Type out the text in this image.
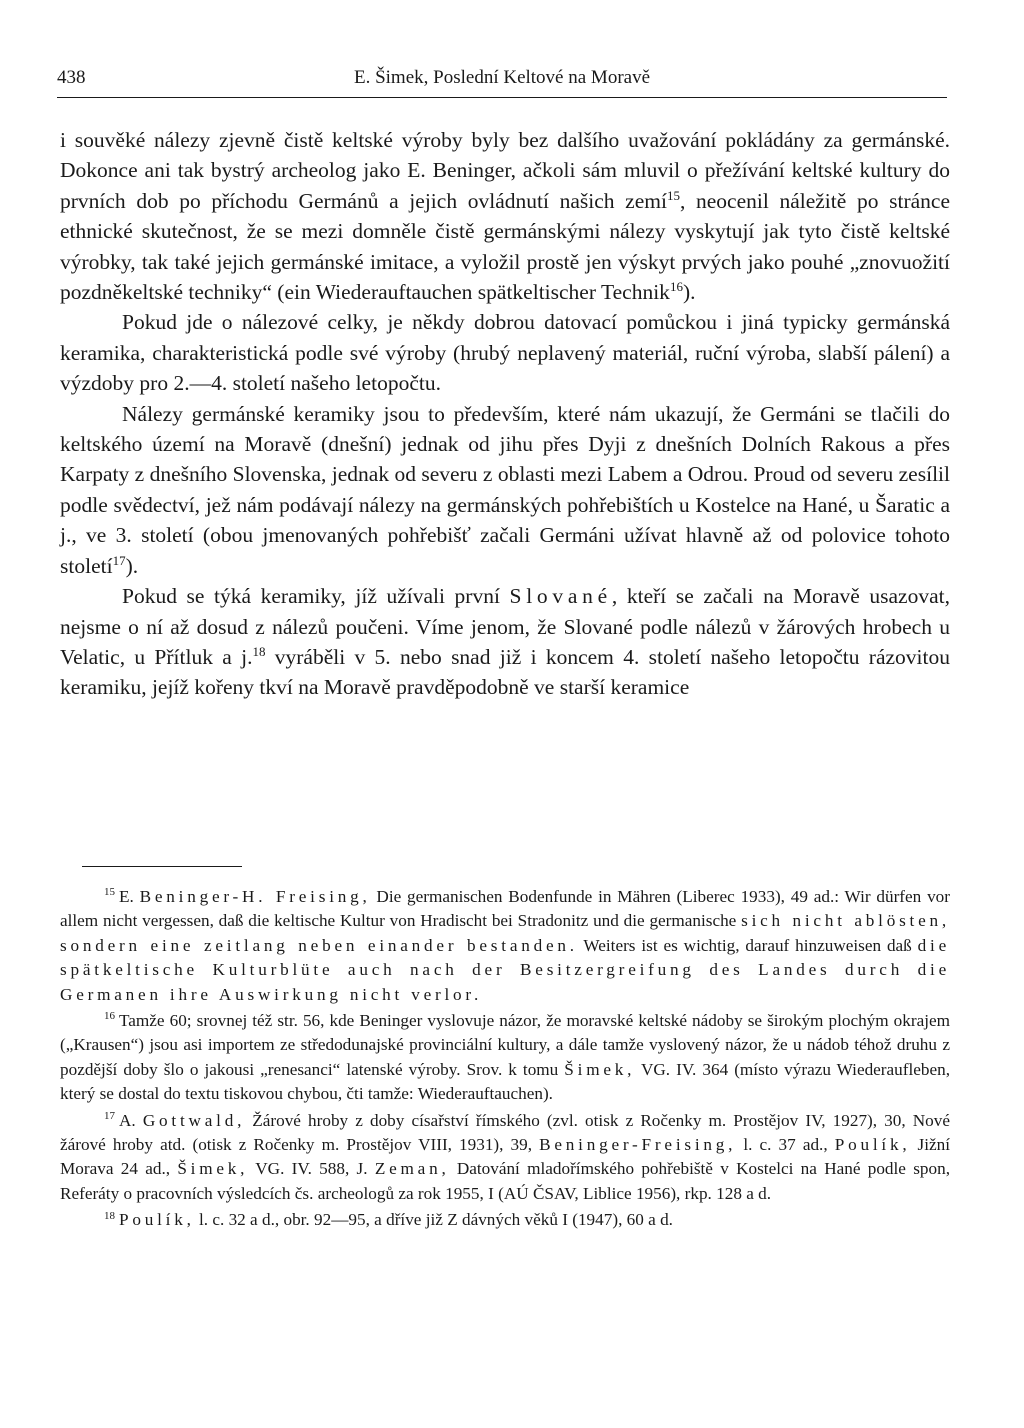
438	E. Šimek, Poslední Keltové na Moravě

i souvěké nálezy zjevně čistě keltské výroby byly bez dalšího uvažování pokládány za germánské. Dokonce ani tak bystrý archeolog jako E. Beninger, ačkoli sám mluvil o přežívání keltské kultury do prvních dob po příchodu Germánů a jejich ovládnutí našich zemí$^{15}$, neocenil náležitě po stránce ethnické skutečnost, že se mezi domněle čistě germánskými nálezy vyskytují jak tyto čistě keltské výrobky, tak také jejich germánské imitace, a vyložil prostě jen výskyt prvých jako pouhé „znovuožití pozdněkeltské techniky“ (ein Wiederauftauchen spätkeltischer Technik$^{16}$).

Pokud jde o nálezové celky, je někdy dobrou datovací pomůckou i jiná typicky germánská keramika, charakteristická podle své výroby (hrubý neplavený materiál, ruční výroba, slabší pálení) a výzdoby pro 2.—4. století našeho letopočtu.

Nálezy germánské keramiky jsou to především, které nám ukazují, že Germáni se tlačili do keltského území na Moravě (dnešní) jednak od jihu přes Dyji z dnešních Dolních Rakous a přes Karpaty z dnešního Slovenska, jednak od severu z oblasti mezi Labem a Odrou. Proud od severu zesílil podle svědectví, jež nám podávají nálezy na germánských pohřebištích u Kostelce na Hané, u Šaratic a j., ve 3. století (obou jmenovaných pohřebišť začali Germáni užívat hlavně až od polovice tohoto století$^{17}$).

Pokud se týká keramiky, jíž užívali první Slované, kteří se začali na Moravě usazovat, nejsme o ní až dosud z nálezů poučeni. Víme jenom, že Slované podle nálezů v žárových hrobech u Velatic, u Přítluk a j.$^{18}$ vyráběli v 5. nebo snad již i koncem 4. století našeho letopočtu rázovitou keramiku, jejíž kořeny tkví na Moravě pravděpodobně ve starší keramice

$^{15}$ E. Beninger-H. Freising, Die germanischen Bodenfunde in Mähren (Liberec 1933), 49 ad.: Wir dürfen vor allem nicht vergessen, daß die keltische Kultur von Hradischt bei Stradonitz und die germanische sich nicht ablösten, sondern eine zeitlang neben einander bestanden. Weiters ist es wichtig, darauf hinzuweisen daß die spätkeltische Kulturblüte auch nach der Besitzergreifung des Landes durch die Germanen ihre Auswirkung nicht verlor.

$^{16}$ Tamže 60; srovnej též str. 56, kde Beninger vyslovuje názor, že moravské keltské nádoby se širokým plochým okrajem („Krausen“) jsou asi importem ze středodunajské provinciální kultury, a dále tamže vyslovený názor, že u nádob téhož druhu z pozdější doby šlo o jakousi „renesanci“ latenské výroby. Srov. k tomu Šimek, VG. IV. 364 (místo výrazu Wiederaufleben, který se dostal do textu tiskovou chybou, čti tamže: Wiederauftauchen).

$^{17}$ A. Gottwald, Žárové hroby z doby císařství římského (zvl. otisk z Ročenky m. Prostějov IV, 1927), 30, Nové žárové hroby atd. (otisk z Ročenky m. Prostějov VIII, 1931), 39, Beninger-Freising, l. c. 37 ad., Poulík, Jižní Morava 24 ad., Šimek, VG. IV. 588, J. Zeman, Datování mladořímského pohřebiště v Kostelci na Hané podle spon, Referáty o pracovních výsledcích čs. archeologů za rok 1955, I (AÚ ČSAV, Liblice 1956), rkp. 128 a d.

$^{18}$ Poulík, l. c. 32 a d., obr. 92—95, a dříve již Z dávných věků I (1947), 60 a d.
